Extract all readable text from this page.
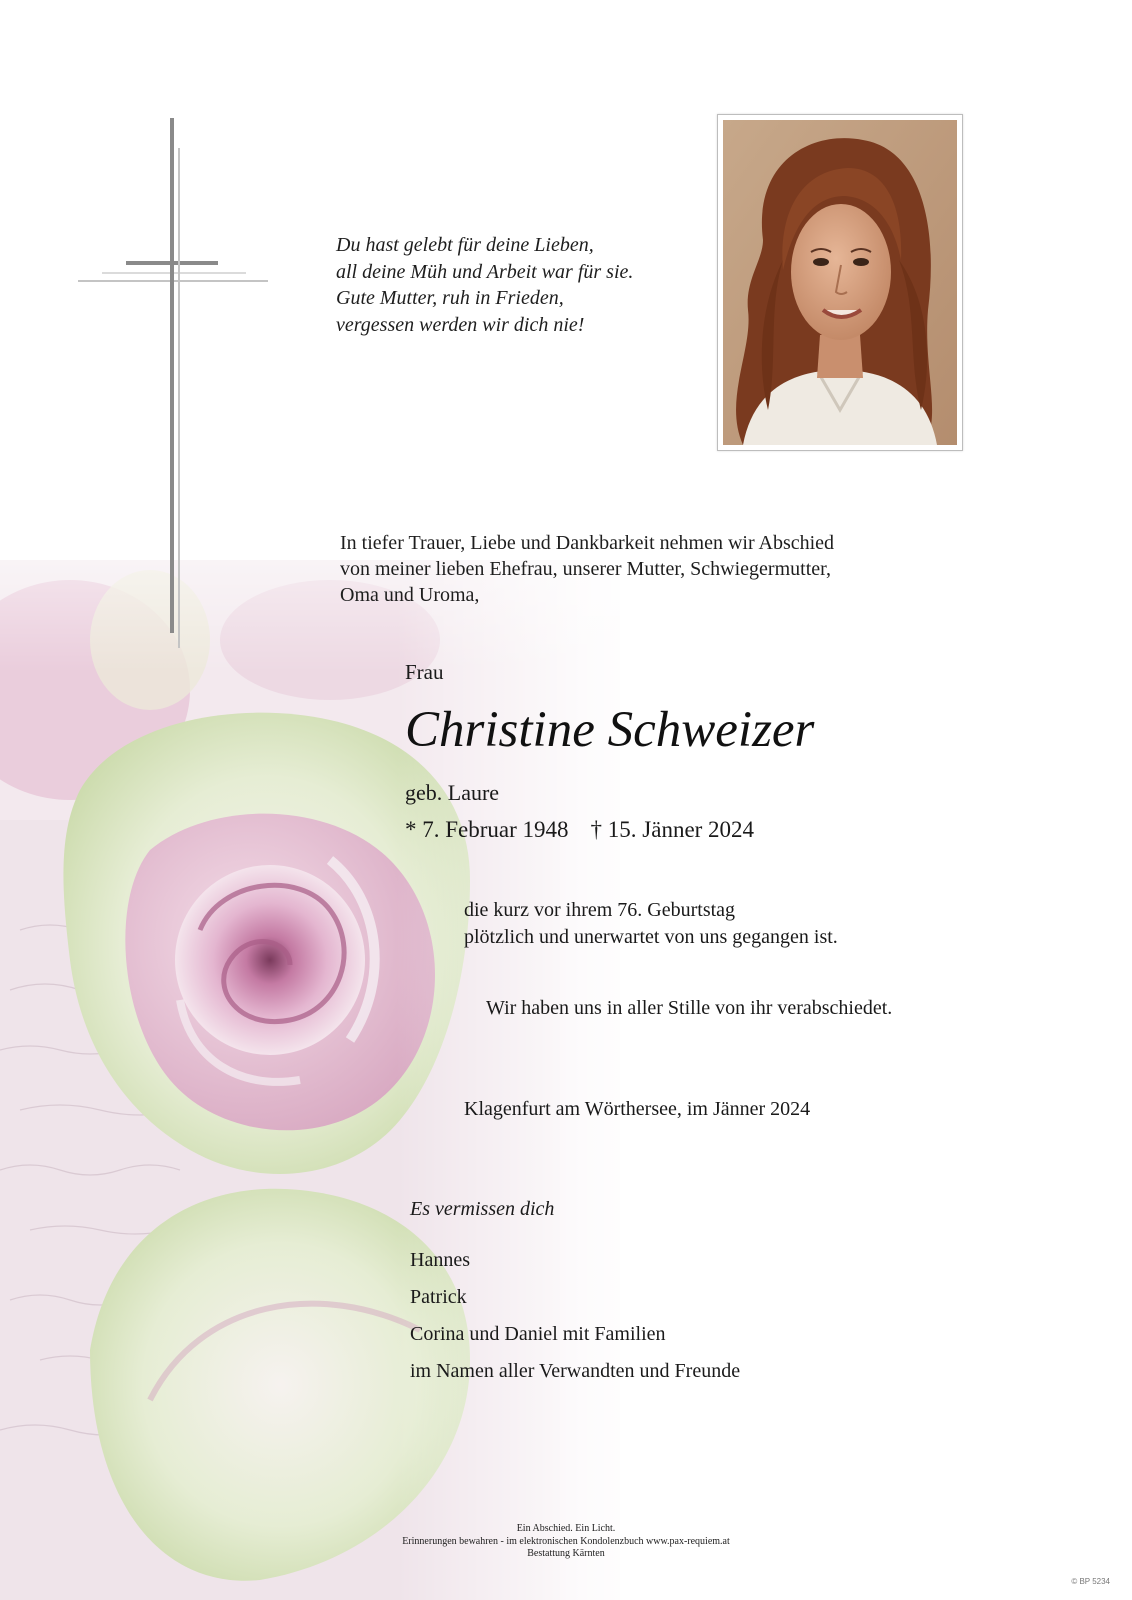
Du hast gelebt für deine Lieben,
all deine Müh und Arbeit war für sie.
Gute Mutter, ruh in Frieden,
vergessen werden wir dich nie!
In tiefer Trauer, Liebe und Dankbarkeit nehmen wir Abschied
von meiner lieben Ehefrau, unserer Mutter, Schwiegermutter,
Oma und Uroma,
Frau
Christine Schweizer
geb. Laure
* 7. Februar 1948 † 15. Jänner 2024
die kurz vor ihrem 76. Geburtstag
plötzlich und unerwartet von uns gegangen ist.
Wir haben uns in aller Stille von ihr verabschiedet.
Klagenfurt am Wörthersee, im Jänner 2024
Es vermissen dich
Hannes
Patrick
Corina und Daniel mit Familien
im Namen aller Verwandten und Freunde
Ein Abschied. Ein Licht.
Erinnerungen bewahren - im elektronischen Kondolenzbuch www.pax-requiem.at
Bestattung Kärnten
© BP 5234
